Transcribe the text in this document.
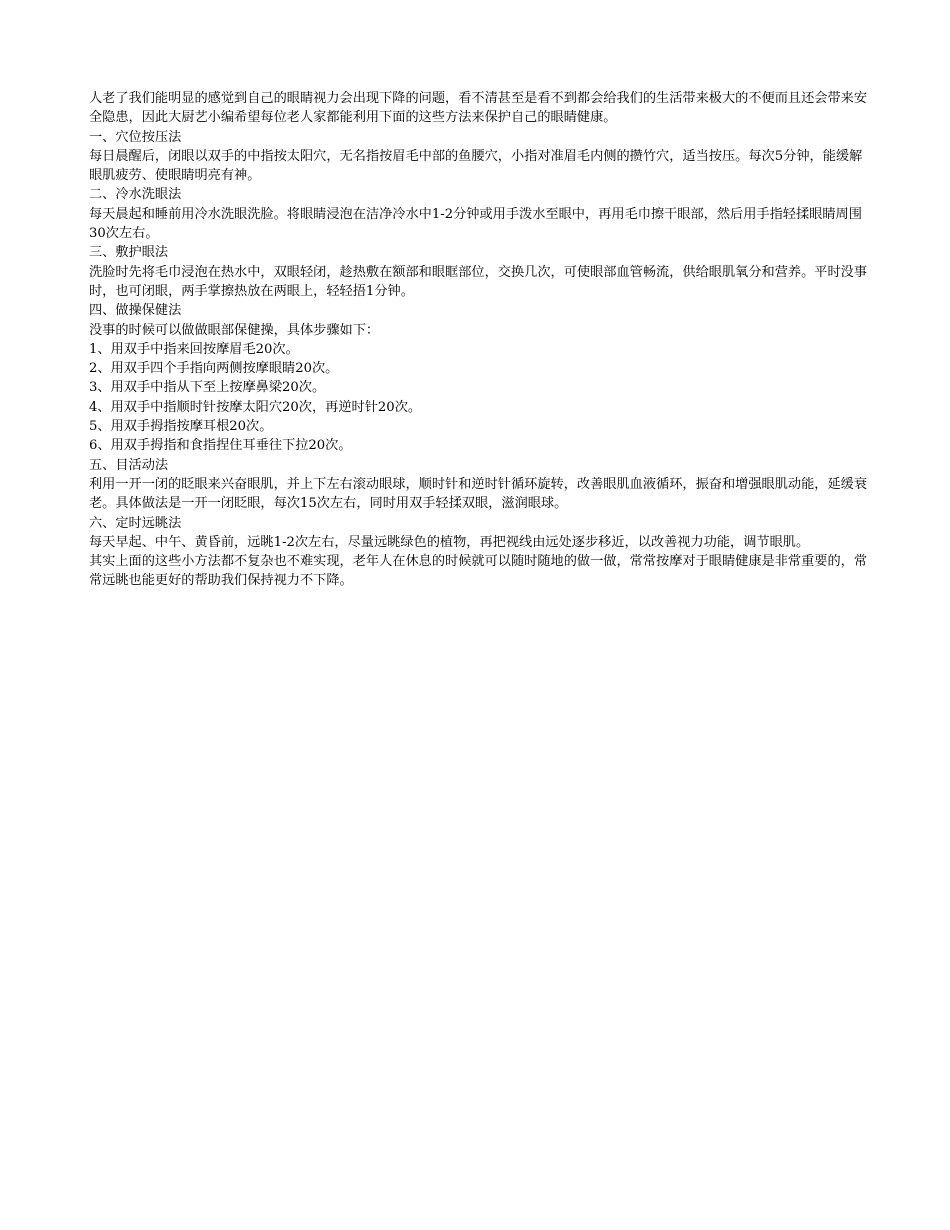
人老了我们能明显的感觉到自己的眼睛视力会出现下降的问题，看不清甚至是看不到都会给我们的生活带来极大的不便而且还会带来安全隐患，因此大厨艺小编希望每位老人家都能利用下面的这些方法来保护自己的眼睛健康。

一、穴位按压法

每日晨醒后，闭眼以双手的中指按太阳穴，无名指按眉毛中部的鱼腰穴，小指对准眉毛内侧的攒竹穴，适当按压。每次5分钟，能缓解眼肌疲劳、使眼睛明亮有神。

二、冷水洗眼法

每天晨起和睡前用冷水洗眼洗脸。将眼睛浸泡在洁净冷水中1-2分钟或用手泼水至眼中，再用毛巾擦干眼部，然后用手指轻揉眼睛周围30次左右。

三、敷护眼法

洗脸时先将毛巾浸泡在热水中，双眼轻闭，趁热敷在额部和眼眶部位，交换几次，可使眼部血管畅流，供给眼肌氧分和营养。平时没事时，也可闭眼，两手掌擦热放在两眼上，轻轻捂1分钟。

四、做操保健法

没事的时候可以做做眼部保健操，具体步骤如下：

1、用双手中指来回按摩眉毛20次。

2、用双手四个手指向两侧按摩眼睛20次。

3、用双手中指从下至上按摩鼻梁20次。

4、用双手中指顺时针按摩太阳穴20次，再逆时针20次。

5、用双手拇指按摩耳根20次。

6、用双手拇指和食指捏住耳垂往下拉20次。

五、目活动法

利用一开一闭的眨眼来兴奋眼肌，并上下左右滚动眼球，顺时针和逆时针循环旋转，改善眼肌血液循环，振奋和增强眼肌动能，延缓衰老。具体做法是一开一闭眨眼，每次15次左右，同时用双手轻揉双眼，滋润眼球。

六、定时远眺法

每天早起、中午、黄昏前，远眺1-2次左右，尽量远眺绿色的植物，再把视线由远处逐步移近，以改善视力功能，调节眼肌。

其实上面的这些小方法都不复杂也不难实现，老年人在休息的时候就可以随时随地的做一做，常常按摩对于眼睛健康是非常重要的，常常远眺也能更好的帮助我们保持视力不下降。
